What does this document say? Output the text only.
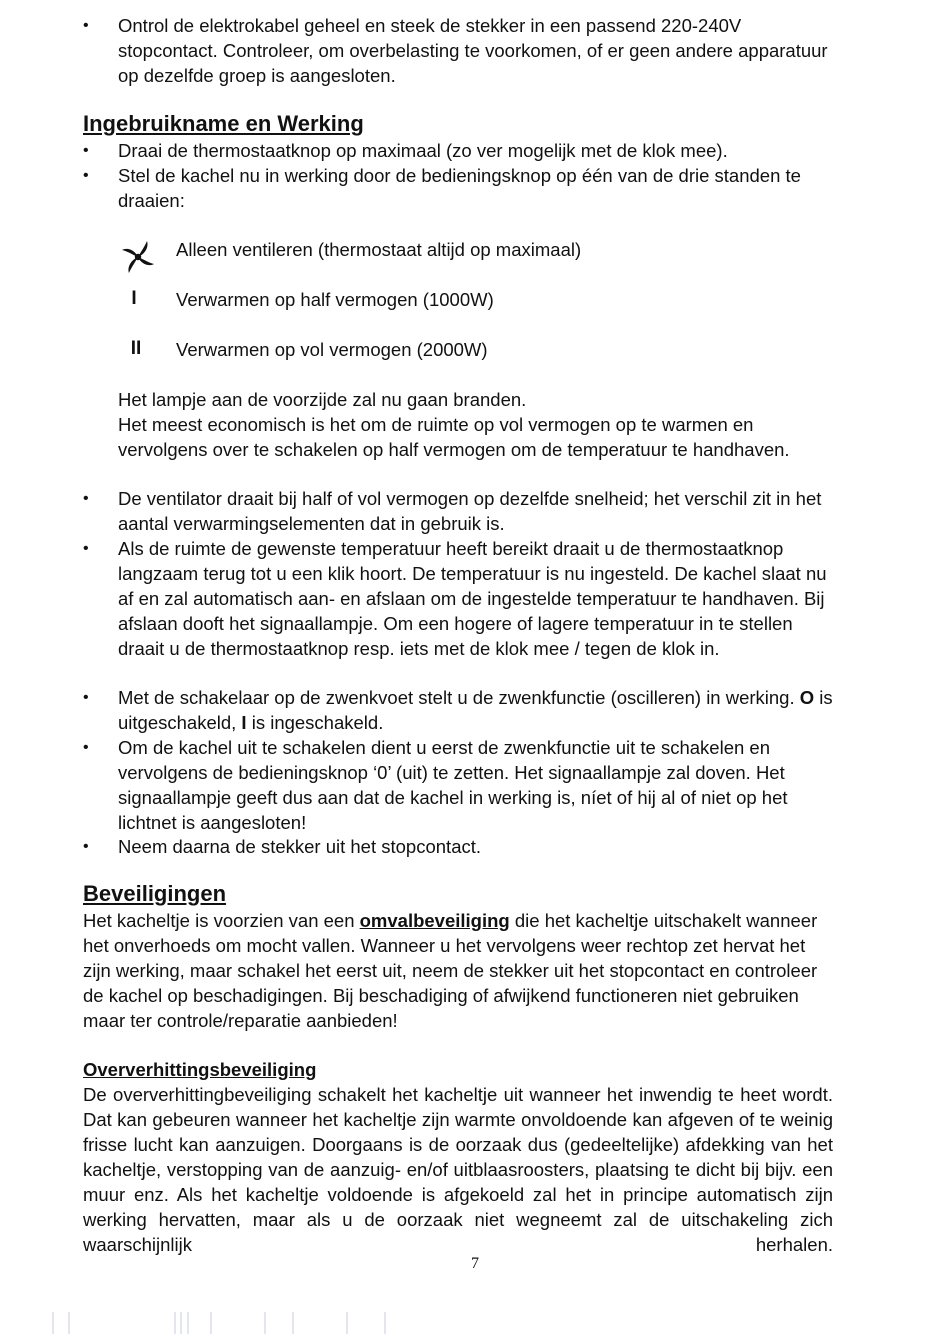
•	Ontrol de elektrokabel geheel en steek de stekker in een passend 220-240V stopcontact. Controleer, om overbelasting te voorkomen, of er geen andere apparatuur op dezelfde groep is aangesloten.
Ingebruikname en Werking
•	Draai de thermostaatknop op maximaal (zo ver mogelijk met de klok mee).
•	Stel de kachel nu in werking door de bedieningsknop op één van de drie standen te draaien:
Alleen ventileren (thermostaat altijd op maximaal)
I	Verwarmen op half vermogen (1000W)
II	Verwarmen op vol vermogen (2000W)
Het lampje aan de voorzijde zal nu gaan branden.
Het meest economisch is het om de ruimte op vol vermogen op te warmen en vervolgens over te schakelen op half vermogen om de temperatuur te handhaven.
•	De ventilator draait bij half of vol vermogen op dezelfde snelheid; het verschil zit in het aantal verwarmingselementen dat in gebruik is.
•	Als de ruimte de gewenste temperatuur heeft bereikt draait u de thermostaatknop langzaam terug tot u een klik hoort. De temperatuur is nu ingesteld. De kachel slaat nu af en zal automatisch aan- en afslaan om de ingestelde temperatuur te handhaven. Bij afslaan dooft het signaallampje. Om een hogere of lagere temperatuur in te stellen draait u de thermostaatknop resp. iets met de klok mee / tegen de klok in.
•	Met de schakelaar op de zwenkvoet stelt u de zwenkfunctie (oscilleren) in werking. O is uitgeschakeld, I is ingeschakeld.
•	Om de kachel uit te schakelen dient u eerst de zwenkfunctie uit te schakelen en vervolgens de bedieningsknop ‘0’ (uit) te zetten. Het signaallampje zal doven. Het signaallampje geeft dus aan dat de kachel in werking is, níet of hij al of niet op het lichtnet is aangesloten!
•	Neem daarna de stekker uit het stopcontact.
Beveiligingen
Het kacheltje is voorzien van een omvalbeveiliging die het kacheltje uitschakelt wanneer het onverhoeds om mocht vallen. Wanneer u het vervolgens weer rechtop zet hervat het zijn werking, maar schakel het eerst uit, neem de stekker uit het stopcontact en controleer de kachel op beschadigingen. Bij beschadiging of afwijkend functioneren niet gebruiken maar ter controle/reparatie aanbieden!
Oververhittingsbeveiliging
De oververhittingbeveiliging schakelt het kacheltje uit wanneer het inwendig te heet wordt. Dat kan gebeuren wanneer het kacheltje zijn warmte onvoldoende kan afgeven of te weinig frisse lucht kan aanzuigen. Doorgaans is de oorzaak dus (gedeeltelijke) afdekking van het kacheltje, verstopping van de aanzuig- en/of uitblaasroosters, plaatsing te dicht bij bijv. een muur enz. Als het kacheltje voldoende is afgekoeld zal het in principe automatisch zijn werking hervatten, maar als u de oorzaak niet wegneemt zal de uitschakeling zich waarschijnlijk herhalen.
7
